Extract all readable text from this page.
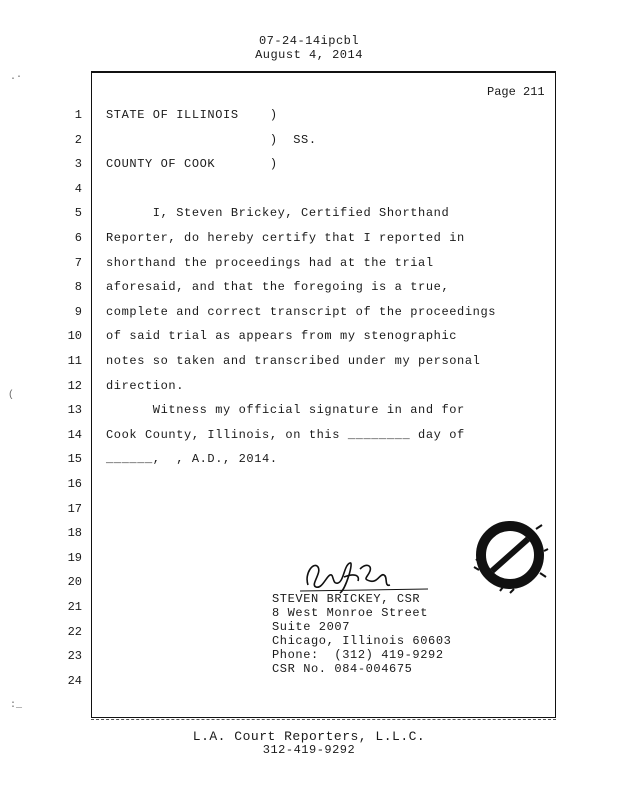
07-24-14ipcbl
August 4, 2014
Page 211
1 STATE OF ILLINOIS    )
2 )  SS.
3 COUNTY OF COOK       )
4
5 I, Steven Brickey, Certified Shorthand
6 Reporter, do hereby certify that I reported in
7 shorthand the proceedings had at the trial
8 aforesaid, and that the foregoing is a true,
9 complete and correct transcript of the proceedings
10 of said trial as appears from my stenographic
11 notes so taken and transcribed under my personal
12 direction.
13 Witness my official signature in and for
14 Cook County, Illinois, on this ________ day of
15 ______,  , A.D., 2014.
16
17
18
19
20
21
22
23
24
STEVEN BRICKEY, CSR
8 West Monroe Street
Suite 2007
Chicago, Illinois 60603
Phone:  (312) 419-9292
CSR No. 084-004675
L.A. Court Reporters, L.L.C.
312-419-9292
.·
(
:_
